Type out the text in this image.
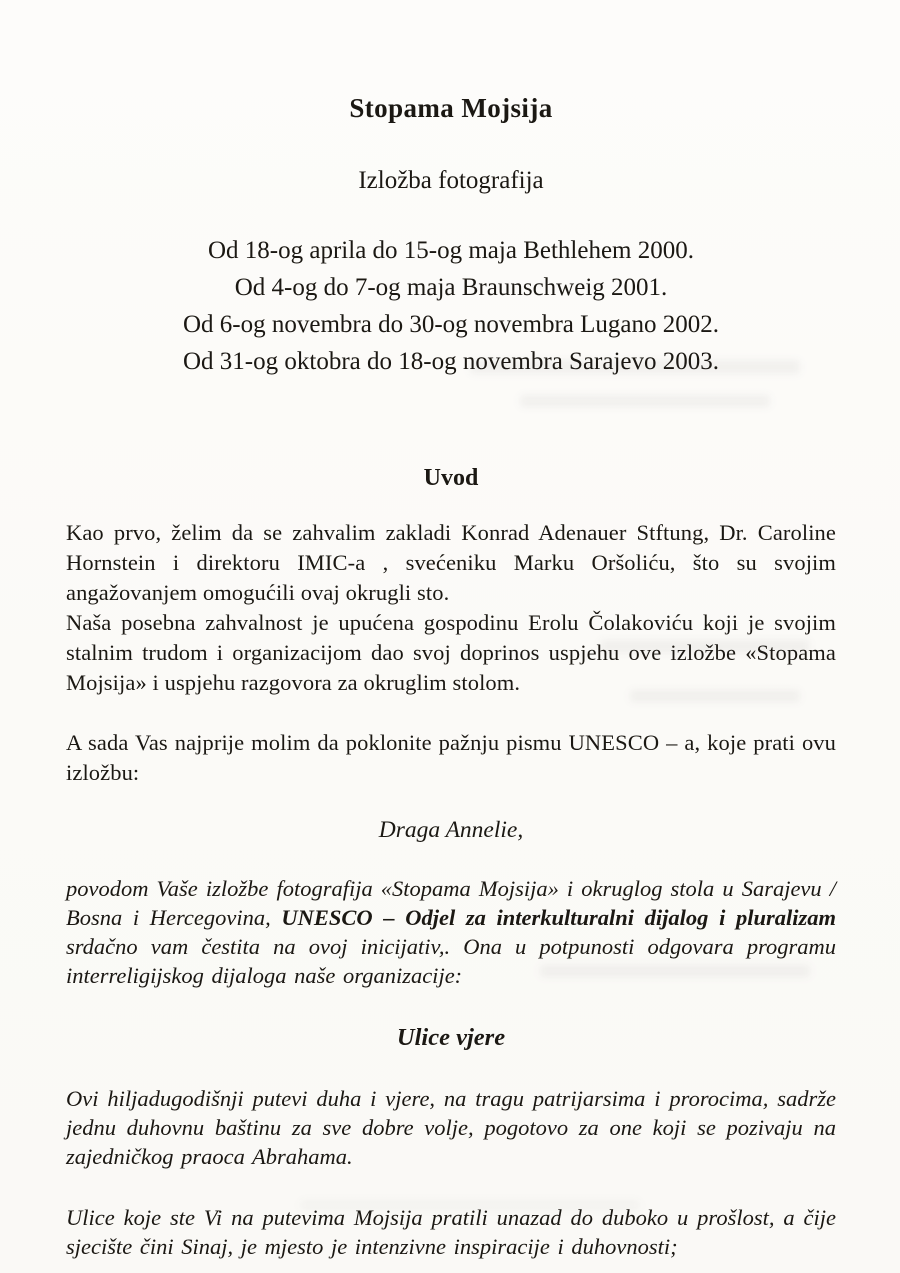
Stopama Mojsija
Izložba fotografija
Od 18-og aprila do 15-og maja Bethlehem 2000.
Od 4-og do 7-og maja Braunschweig 2001.
Od 6-og novembra do 30-og novembra Lugano 2002.
Od 31-og oktobra do 18-og novembra Sarajevo 2003.
Uvod

Kao prvo, želim da se zahvalim zakladi Konrad Adenauer Stftung, Dr. Caroline Hornstein i direktoru IMIC-a , svećeniku Marku Oršoliću, što su svojim angažovanjem omogućili ovaj okrugli sto.

Naša posebna zahvalnost je upućena gospodinu Erolu Čolakoviću koji je svojim stalnim trudom i organizacijom dao svoj doprinos uspjehu ove izložbe «Stopama Mojsija» i uspjehu razgovora za okruglim stolom.

A sada Vas najprije molim da poklonite pažnju pismu UNESCO – a, koje prati ovu izložbu:

Draga Annelie,

povodom Vaše izložbe fotografija «Stopama Mojsija» i okruglog stola u Sarajevu / Bosna i Hercegovina, UNESCO – Odjel za interkulturalni dijalog i pluralizam srdačno vam čestita na ovoj inicijativ,. Ona u potpunosti odgovara programu interreligijskog dijaloga naše organizacije:

Ulice vjere

Ovi hiljadugodišnji putevi duha i vjere, na tragu patrijarsima i prorocima, sadrže jednu duhovnu baštinu za sve dobre volje, pogotovo za one koji se pozivaju na zajedničkog praoca Abrahama.

Ulice koje ste Vi na putevima Mojsija pratili unazad do duboko u prošlost, a čije sjecište čini Sinaj, je mjesto je intenzivne inspiracije i duhovnosti;
